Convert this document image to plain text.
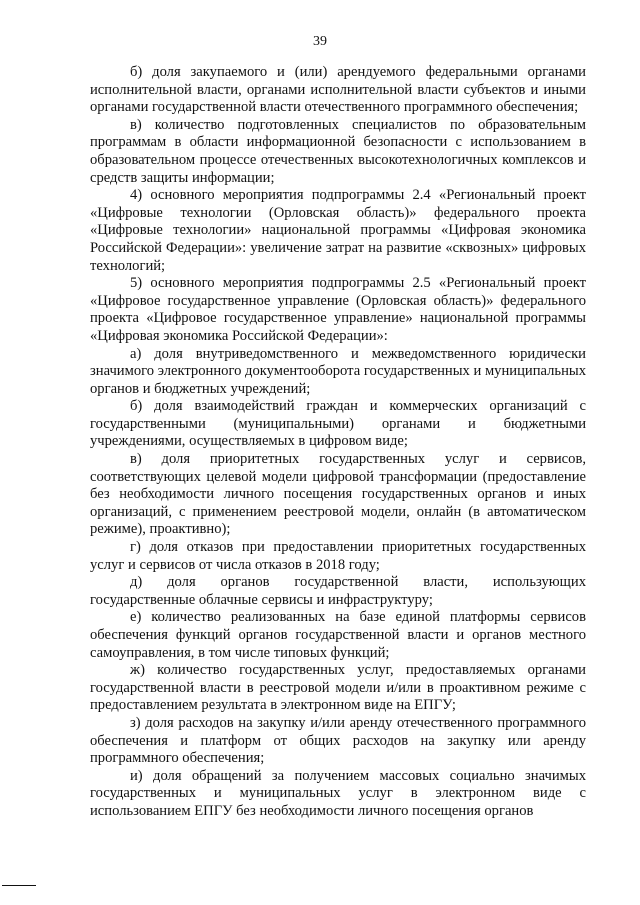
39

б) доля закупаемого и (или) арендуемого федеральными органами исполнительной власти, органами исполнительной власти субъектов и иными органами государственной власти отечественного программного обеспечения;

в) количество подготовленных специалистов по образовательным программам в области информационной безопасности с использованием в образовательном процессе отечественных высокотехнологичных комплексов и средств защиты информации;

4) основного мероприятия подпрограммы 2.4 «Региональный проект «Цифровые технологии (Орловская область)» федерального проекта «Цифровые технологии» национальной программы «Цифровая экономика Российской Федерации»: увеличение затрат на развитие «сквозных» цифровых технологий;

5) основного мероприятия подпрограммы 2.5 «Региональный проект «Цифровое государственное управление (Орловская область)» федерального проекта «Цифровое государственное управление» национальной программы «Цифровая экономика Российской Федерации»:

а) доля внутриведомственного и межведомственного юридически значимого электронного документооборота государственных и муниципальных органов и бюджетных учреждений;

б) доля взаимодействий граждан и коммерческих организаций с государственными (муниципальными) органами и бюджетными учреждениями, осуществляемых в цифровом виде;

в) доля приоритетных государственных услуг и сервисов, соответствующих целевой модели цифровой трансформации (предоставление без необходимости личного посещения государственных органов и иных организаций, с применением реестровой модели, онлайн (в автоматическом режиме), проактивно);

г) доля отказов при предоставлении приоритетных государственных услуг и сервисов от числа отказов в 2018 году;

д) доля органов государственной власти, использующих государственные облачные сервисы и инфраструктуру;

е) количество реализованных на базе единой платформы сервисов обеспечения функций органов государственной власти и органов местного самоуправления, в том числе типовых функций;

ж) количество государственных услуг, предоставляемых органами государственной власти в реестровой модели и/или в проактивном режиме с предоставлением результата в электронном виде на ЕПГУ;

з) доля расходов на закупку и/или аренду отечественного программного обеспечения и платформ от общих расходов на закупку или аренду программного обеспечения;

и) доля обращений за получением массовых социально значимых государственных и муниципальных услуг в электронном виде с использованием ЕПГУ без необходимости личного посещения органов
